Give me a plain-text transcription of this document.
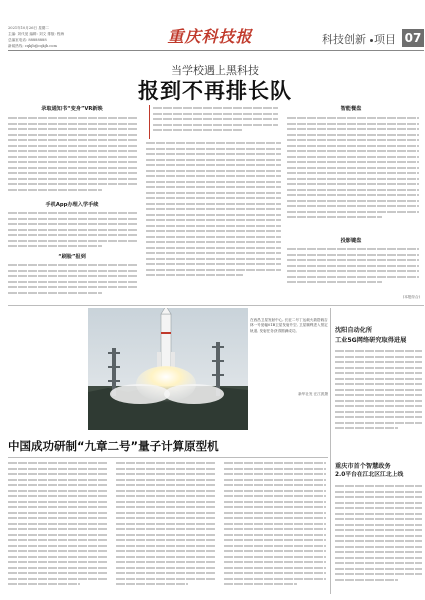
2021年10月26日 星期二
主编: 刘代宽 编辑: 刘文 排版: 程海
总编室电话: 88888888
新闻热线: cqkjb@cqkjb.com	重庆科技报	科技创新 项目 07
当学校遇上黑科技
报到不再排长队
录取通知书“变身”VR新映
手机App办理入学手续
“刷脸”报到
智能餐盘
投影键盘
(本报综合)
在西昌卫星发射中心, 长征二号丁运载火箭搭载吉林一号宽幅01B卫星发射升空, 卫星顺利进入预定轨道, 发射任务获得圆满成功。
新华社发 汪江波摄
沈阳自动化所
工业5G网络研究取得进展
重庆市首个智慧政务
2.0平台在江北区江北上线
中国成功研制“九章二号”量子计算原型机
